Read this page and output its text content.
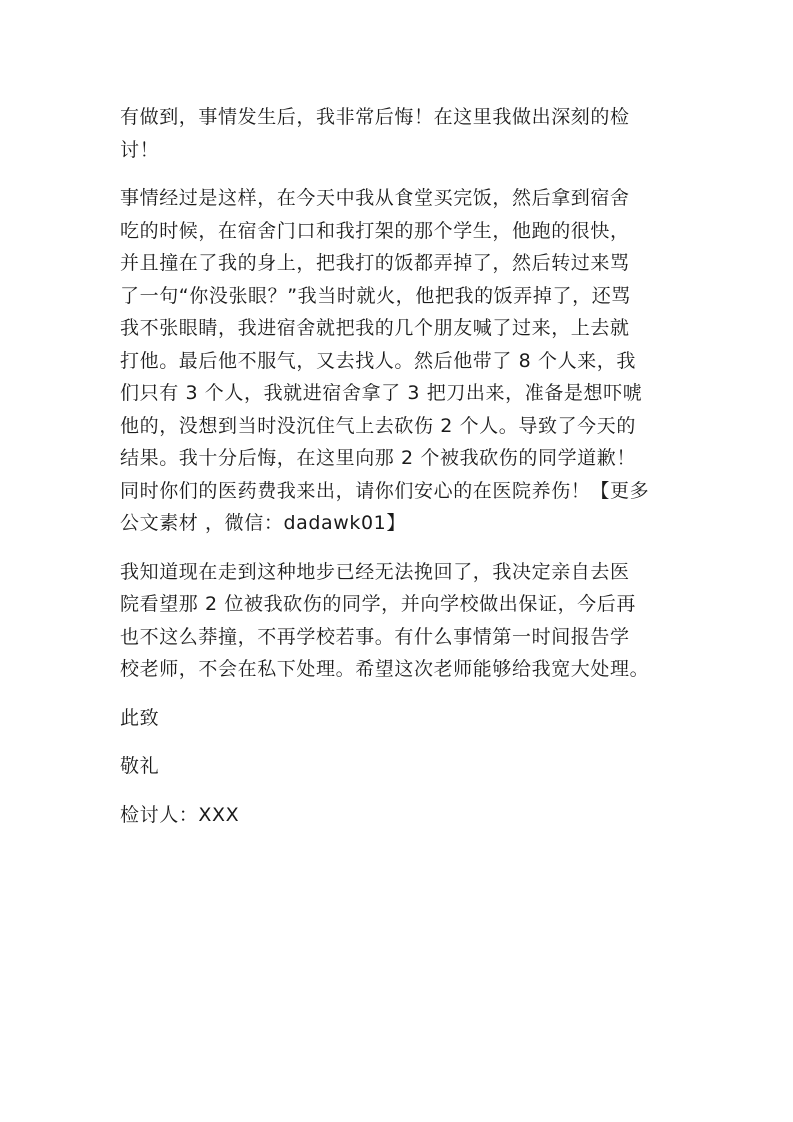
有做到，事情发生后，我非常后悔！在这里我做出深刻的检
讨！
事情经过是这样，在今天中我从食堂买完饭，然后拿到宿舍
吃的时候，在宿舍门口和我打架的那个学生，他跑的很快，
并且撞在了我的身上，把我打的饭都弄掉了，然后转过来骂
了一句“你没张眼？”我当时就火，他把我的饭弄掉了，还骂
我不张眼睛，我进宿舍就把我的几个朋友喊了过来，上去就
打他。最后他不服气，又去找人。然后他带了 8 个人来，我
们只有 3 个人，我就进宿舍拿了 3 把刀出来，准备是想吓唬
他的，没想到当时没沉住气上去砍伤 2 个人。导致了今天的
结果。我十分后悔，在这里向那 2 个被我砍伤的同学道歉！
同时你们的医药费我来出，请你们安心的在医院养伤！【更多
公文素材 ，微信：dadawk01】
我知道现在走到这种地步已经无法挽回了，我决定亲自去医
院看望那 2 位被我砍伤的同学，并向学校做出保证，今后再
也不这么莽撞，不再学校若事。有什么事情第一时间报告学
校老师，不会在私下处理。希望这次老师能够给我宽大处理。
此致
敬礼
检讨人：XXX
